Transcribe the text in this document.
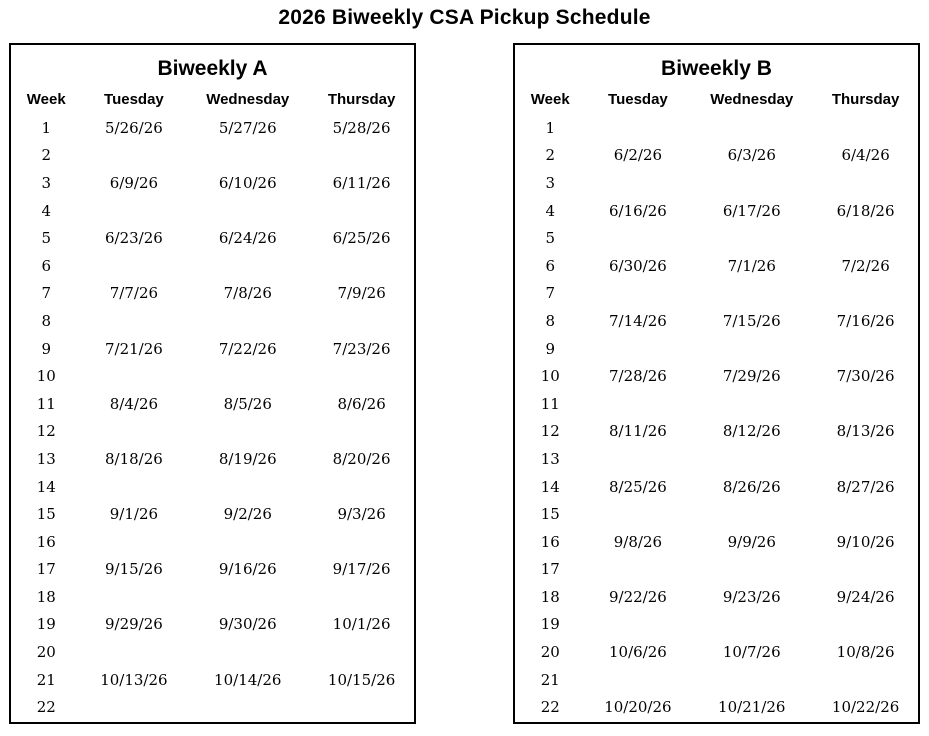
2026 Biweekly CSA Pickup Schedule
Biweekly A
Week	Tuesday	Wednesday	Thursday
1	5/26/26	5/27/26	5/28/26
2			
3	6/9/26	6/10/26	6/11/26
4			
5	6/23/26	6/24/26	6/25/26
6			
7	7/7/26	7/8/26	7/9/26
8			
9	7/21/26	7/22/26	7/23/26
10			
11	8/4/26	8/5/26	8/6/26
12			
13	8/18/26	8/19/26	8/20/26
14			
15	9/1/26	9/2/26	9/3/26
16			
17	9/15/26	9/16/26	9/17/26
18			
19	9/29/26	9/30/26	10/1/26
20			
21	10/13/26	10/14/26	10/15/26
22			
Biweekly B
Week	Tuesday	Wednesday	Thursday
1			
2	6/2/26	6/3/26	6/4/26
3			
4	6/16/26	6/17/26	6/18/26
5			
6	6/30/26	7/1/26	7/2/26
7			
8	7/14/26	7/15/26	7/16/26
9			
10	7/28/26	7/29/26	7/30/26
11			
12	8/11/26	8/12/26	8/13/26
13			
14	8/25/26	8/26/26	8/27/26
15			
16	9/8/26	9/9/26	9/10/26
17			
18	9/22/26	9/23/26	9/24/26
19			
20	10/6/26	10/7/26	10/8/26
21			
22	10/20/26	10/21/26	10/22/26
